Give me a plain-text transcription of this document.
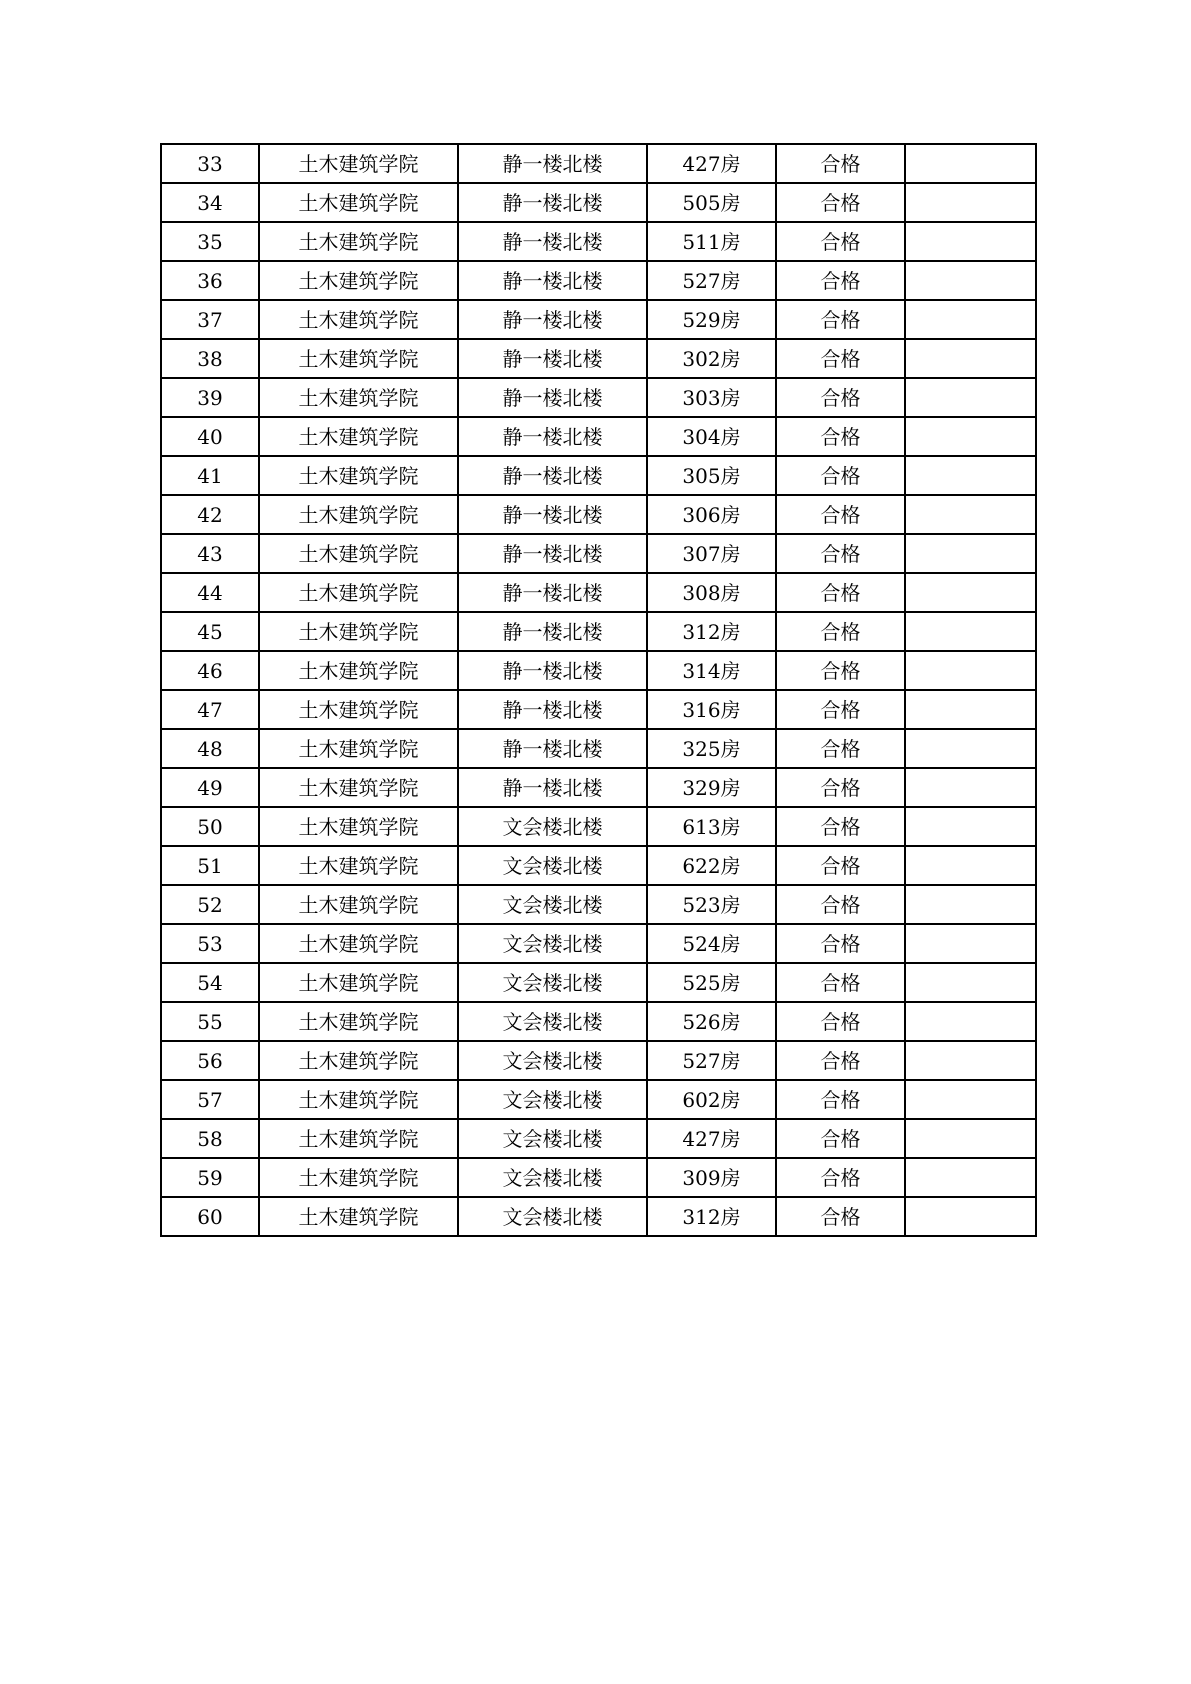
33	土木建筑学院	静一楼北楼	427房	合格	
34	土木建筑学院	静一楼北楼	505房	合格	
35	土木建筑学院	静一楼北楼	511房	合格	
36	土木建筑学院	静一楼北楼	527房	合格	
37	土木建筑学院	静一楼北楼	529房	合格	
38	土木建筑学院	静一楼北楼	302房	合格	
39	土木建筑学院	静一楼北楼	303房	合格	
40	土木建筑学院	静一楼北楼	304房	合格	
41	土木建筑学院	静一楼北楼	305房	合格	
42	土木建筑学院	静一楼北楼	306房	合格	
43	土木建筑学院	静一楼北楼	307房	合格	
44	土木建筑学院	静一楼北楼	308房	合格	
45	土木建筑学院	静一楼北楼	312房	合格	
46	土木建筑学院	静一楼北楼	314房	合格	
47	土木建筑学院	静一楼北楼	316房	合格	
48	土木建筑学院	静一楼北楼	325房	合格	
49	土木建筑学院	静一楼北楼	329房	合格	
50	土木建筑学院	文会楼北楼	613房	合格	
51	土木建筑学院	文会楼北楼	622房	合格	
52	土木建筑学院	文会楼北楼	523房	合格	
53	土木建筑学院	文会楼北楼	524房	合格	
54	土木建筑学院	文会楼北楼	525房	合格	
55	土木建筑学院	文会楼北楼	526房	合格	
56	土木建筑学院	文会楼北楼	527房	合格	
57	土木建筑学院	文会楼北楼	602房	合格	
58	土木建筑学院	文会楼北楼	427房	合格	
59	土木建筑学院	文会楼北楼	309房	合格	
60	土木建筑学院	文会楼北楼	312房	合格	
